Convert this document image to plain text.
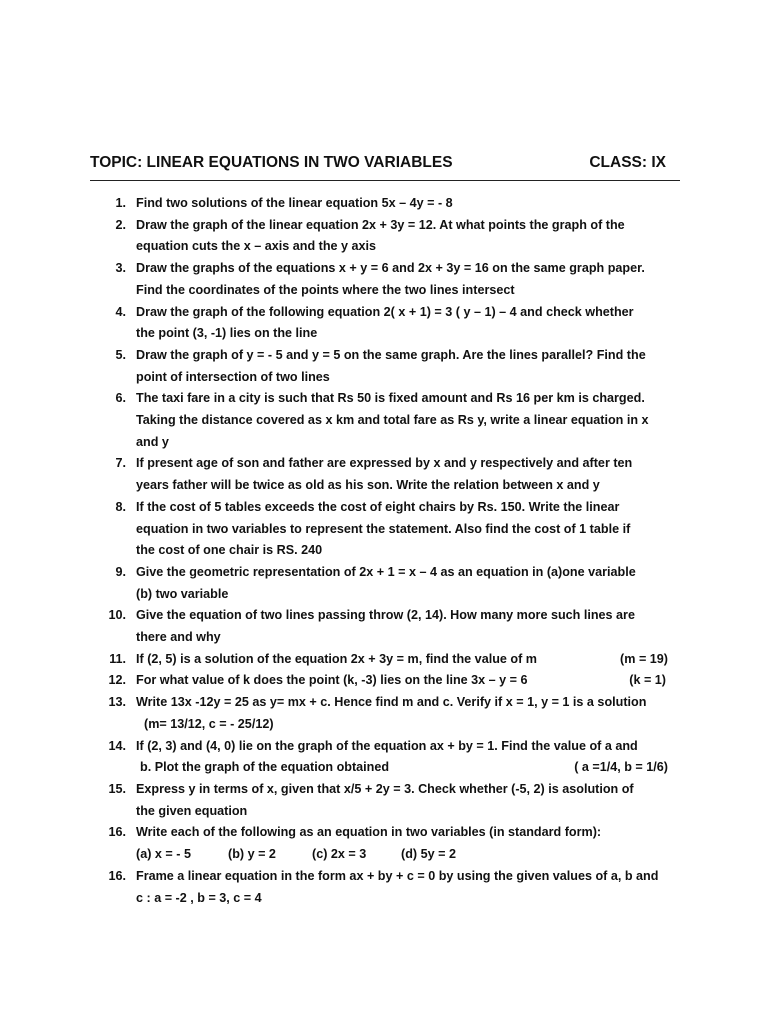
TOPIC: LINEAR EQUATIONS IN TWO VARIABLES	CLASS: IX
1. Find two solutions of the linear equation 5x – 4y = - 8
2. Draw the graph of the linear equation 2x + 3y = 12. At what points the graph of the
equation cuts the x – axis and the y axis
3. Draw the graphs of the equations x + y = 6 and 2x + 3y = 16 on the same graph paper.
Find the coordinates of the points where the two lines intersect
4. Draw the graph of the following equation 2( x + 1) = 3 ( y – 1) – 4 and check whether
the point (3, -1) lies on the line
5. Draw the graph of y = - 5 and y = 5 on the same graph. Are the lines parallel? Find the
point of intersection of two lines
6. The taxi fare in a city is such that Rs 50 is fixed amount and Rs 16 per km is charged.
Taking the distance covered as x km and total fare as Rs y, write a linear equation in x
and y
7. If present age of son and father are expressed by x and y respectively and after ten
years father will be twice as old as his son. Write the relation between x and y
8. If the cost of 5 tables exceeds the cost of eight chairs by Rs. 150. Write the linear
equation in two variables to represent the statement. Also find the cost of 1 table if
the cost of one chair is RS. 240
9. Give the geometric representation of 2x + 1 = x – 4 as an equation in (a)one variable
(b) two variable
10. Give the equation of two lines passing throw (2, 14). How many more such lines are
there and why
11. If (2, 5) is a solution of the equation 2x + 3y = m, find the value of m	(m = 19)
12. For what value of k does the point (k, -3) lies on the line 3x – y = 6	(k = 1)
13. Write 13x -12y = 25 as y= mx + c. Hence find m and c. Verify if x = 1, y = 1 is a solution
(m= 13/12, c = - 25/12)
14. If (2, 3) and (4, 0) lie on the graph of the equation ax + by = 1. Find the value of a and
b. Plot the graph of the equation obtained	( a =1/4, b = 1/6)
15. Express y in terms of x, given that x/5 + 2y = 3. Check whether (-5, 2) is asolution of
the given equation
16. Write each of the following as an equation in two variables (in standard form):
(a) x = - 5	(b) y = 2	(c) 2x = 3	(d) 5y = 2
16. Frame a linear equation in the form ax + by + c = 0 by using the given values of a, b and
c : a = -2 , b = 3, c = 4
